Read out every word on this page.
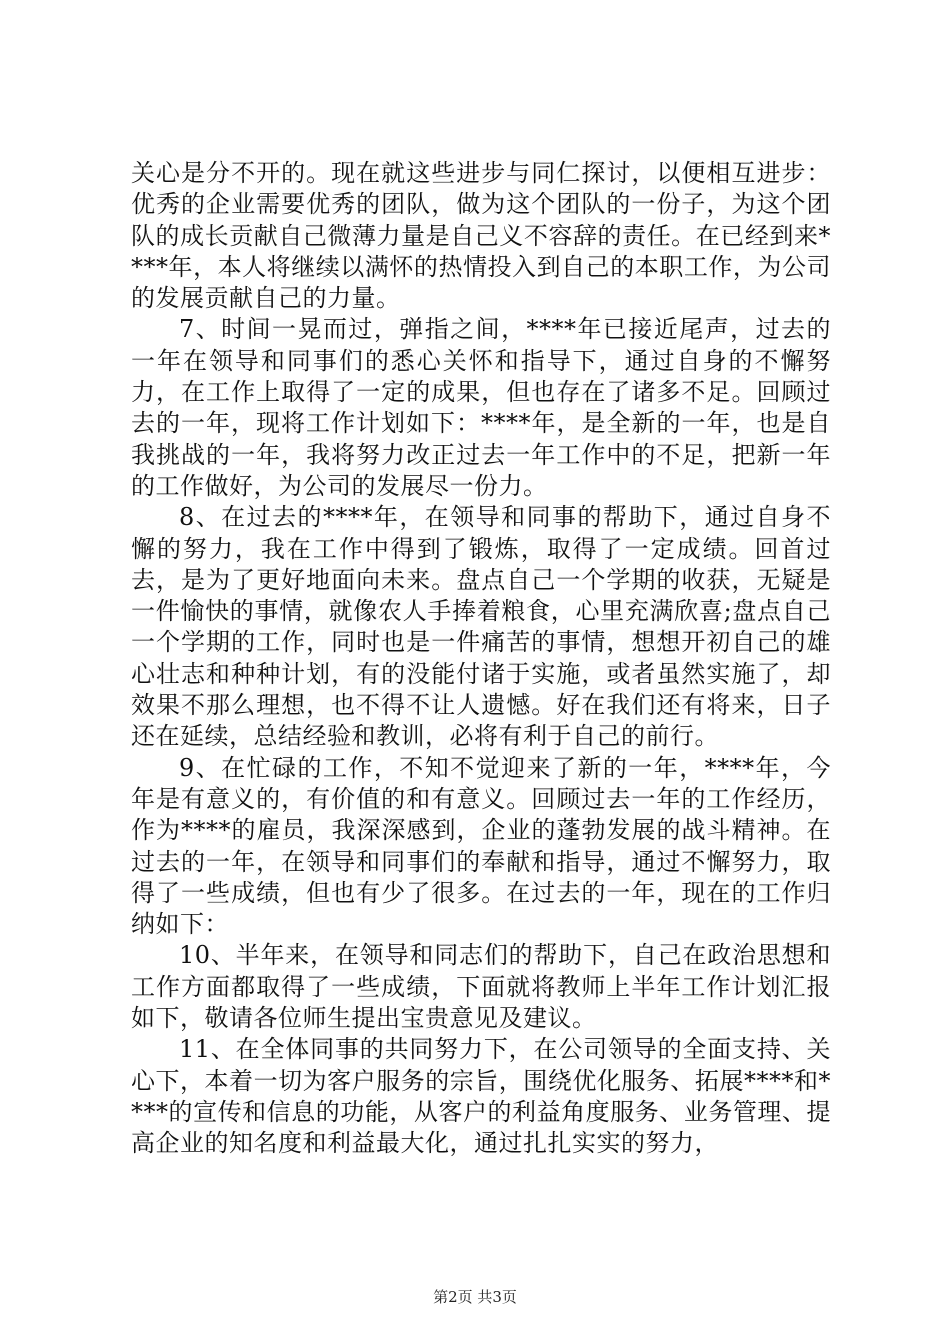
关心是分不开的。现在就这些进步与同仁探讨，以便相互进步：优秀的企业需要优秀的团队，做为这个团队的一份子，为这个团队的成长贡献自己微薄力量是自己义不容辞的责任。在已经到来****年，本人将继续以满怀的热情投入到自己的本职工作，为公司的发展贡献自己的力量。

7、时间一晃而过，弹指之间，****年已接近尾声，过去的一年在领导和同事们的悉心关怀和指导下，通过自身的不懈努力，在工作上取得了一定的成果，但也存在了诸多不足。回顾过去的一年，现将工作计划如下：****年，是全新的一年，也是自我挑战的一年，我将努力改正过去一年工作中的不足，把新一年的工作做好，为公司的发展尽一份力。

8、在过去的****年，在领导和同事的帮助下，通过自身不懈的努力，我在工作中得到了锻炼，取得了一定成绩。回首过去，是为了更好地面向未来。盘点自己一个学期的收获，无疑是一件愉快的事情，就像农人手捧着粮食，心里充满欣喜;盘点自己一个学期的工作，同时也是一件痛苦的事情，想想开初自己的雄心壮志和种种计划，有的没能付诸于实施，或者虽然实施了，却效果不那么理想，也不得不让人遗憾。好在我们还有将来，日子还在延续，总结经验和教训，必将有利于自己的前行。

9、在忙碌的工作，不知不觉迎来了新的一年，****年，今年是有意义的，有价值的和有意义。回顾过去一年的工作经历，作为****的雇员，我深深感到，企业的蓬勃发展的战斗精神。在过去的一年，在领导和同事们的奉献和指导，通过不懈努力，取得了一些成绩，但也有少了很多。在过去的一年，现在的工作归纳如下：

10、半年来，在领导和同志们的帮助下，自己在政治思想和工作方面都取得了一些成绩，下面就将教师上半年工作计划汇报如下，敬请各位师生提出宝贵意见及建议。

11、在全体同事的共同努力下，在公司领导的全面支持、关心下，本着一切为客户服务的宗旨，围绕优化服务、拓展****和****的宣传和信息的功能，从客户的利益角度服务、业务管理、提高企业的知名度和利益最大化，通过扎扎实实的努力，

第2页 共3页
